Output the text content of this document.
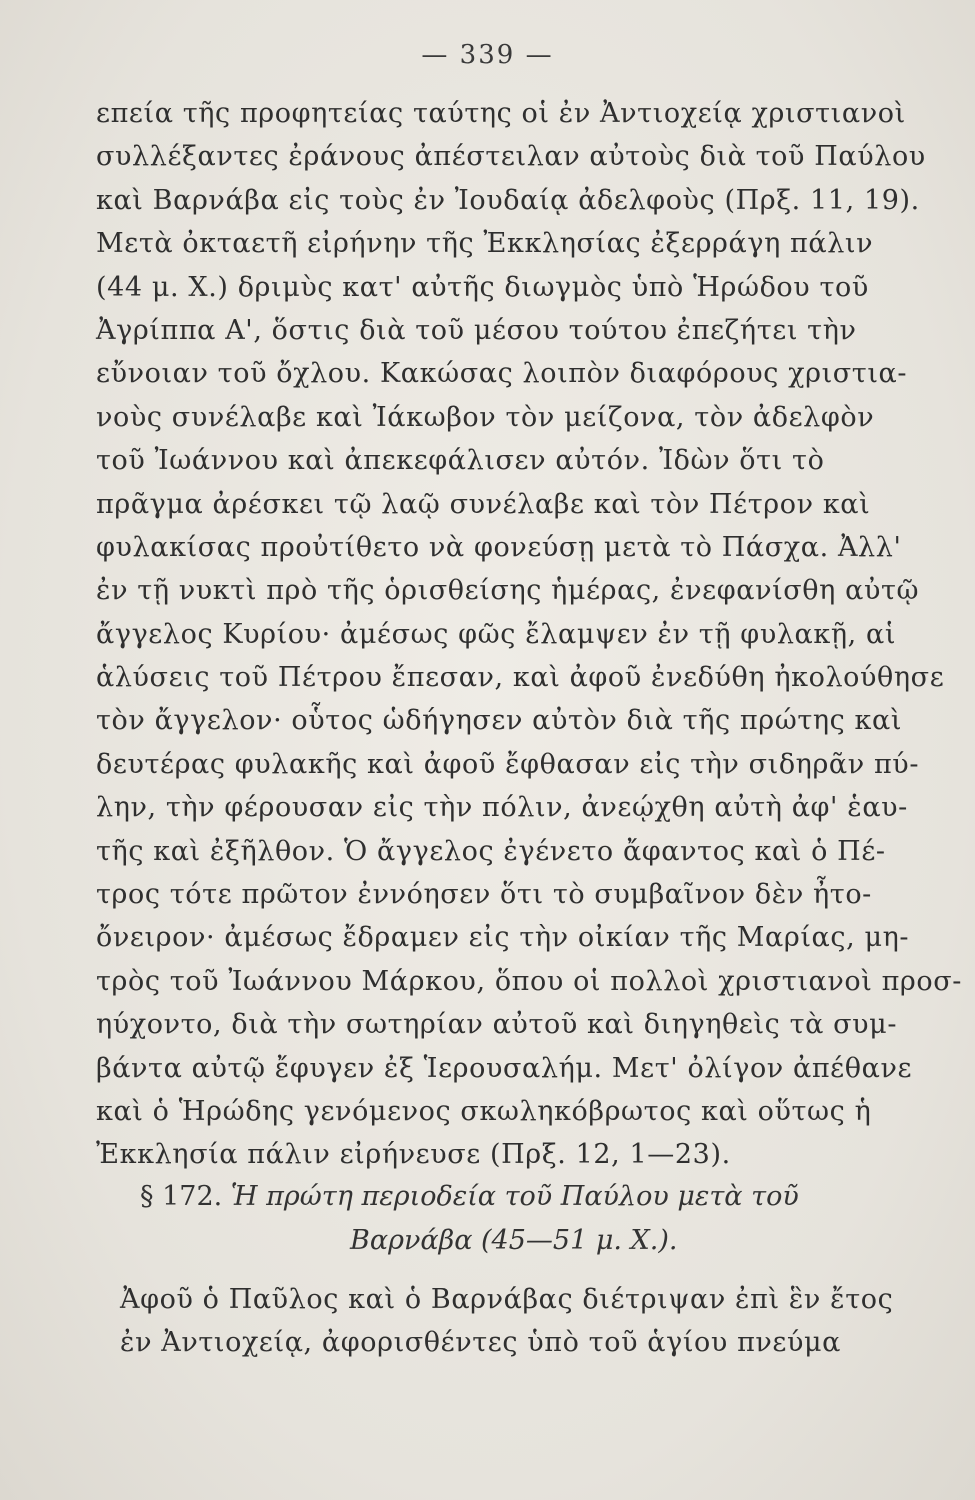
— 339 —
επεία τῆς προφητείας ταύτης οἱ ἐν Ἀντιοχείᾳ χριστιανοὶ
συλλέξαντες ἐράνους ἀπέστειλαν αὐτοὺς διὰ τοῦ Παύλου
καὶ Βαρνάβα εἰς τοὺς ἐν Ἰουδαίᾳ ἀδελφοὺς (Πρξ. 11, 19).
Μετὰ ὀκταετῆ εἰρήνην τῆς Ἐκκλησίας ἐξερράγη πάλιν
(44 μ. Χ.) δριμὺς κατ' αὐτῆς διωγμὸς ὑπὸ Ἡρώδου τοῦ
Ἀγρίππα Α', ὅστις διὰ τοῦ μέσου τούτου ἐπεζήτει τὴν
εὔνοιαν τοῦ ὄχλου. Κακώσας λοιπὸν διαφόρους χριστια-
νοὺς συνέλαβε καὶ Ἰάκωβον τὸν μείζονα, τὸν ἀδελφὸν
τοῦ Ἰωάννου καὶ ἀπεκεφάλισεν αὐτόν. Ἰδὼν ὅτι τὸ
πρᾶγμα ἀρέσκει τῷ λαῷ συνέλαβε καὶ τὸν Πέτρον καὶ
φυλακίσας προὐτίθετο νὰ φονεύσῃ μετὰ τὸ Πάσχα. Ἀλλ'
ἐν τῇ νυκτὶ πρὸ τῆς ὁρισθείσης ἡμέρας, ἐνεφανίσθη αὐτῷ
ἄγγελος Κυρίου· ἀμέσως φῶς ἔλαμψεν ἐν τῇ φυλακῇ, αἱ
ἁλύσεις τοῦ Πέτρου ἔπεσαν, καὶ ἀφοῦ ἐνεδύθη ἠκολούθησε
τὸν ἄγγελον· οὗτος ὡδήγησεν αὐτὸν διὰ τῆς πρώτης καὶ
δευτέρας φυλακῆς καὶ ἀφοῦ ἔφθασαν εἰς τὴν σιδηρᾶν πύ-
λην, τὴν φέρουσαν εἰς τὴν πόλιν, ἀνεῴχθη αὐτὴ ἀφ' ἑαυ-
τῆς καὶ ἐξῆλθον. Ὁ ἄγγελος ἐγένετο ἄφαντος καὶ ὁ Πέ-
τρος τότε πρῶτον ἐννόησεν ὅτι τὸ συμβαῖνον δὲν ἦτο-
ὄνειρον· ἀμέσως ἔδραμεν εἰς τὴν οἰκίαν τῆς Μαρίας, μη-
τρὸς τοῦ Ἰωάννου Μάρκου, ὅπου οἱ πολλοὶ χριστιανοὶ προσ-
ηύχοντο, διὰ τὴν σωτηρίαν αὐτοῦ καὶ διηγηθεὶς τὰ συμ-
βάντα αὐτῷ ἔφυγεν ἐξ Ἱερουσαλήμ. Μετ' ὀλίγον ἀπέθανε
καὶ ὁ Ἡρώδης γενόμενος σκωληκόβρωτος καὶ οὕτως ἡ
Ἐκκλησία πάλιν εἰρήνευσε (Πρξ. 12, 1—23).
§ 172. Ἡ πρώτη περιοδεία τοῦ Παύλου μετὰ τοῦ
Βαρνάβα (45—51 μ. Χ.).
Ἀφοῦ ὁ Παῦλος καὶ ὁ Βαρνάβας διέτριψαν ἐπὶ ἓν ἔτος
ἐν Ἀντιοχείᾳ, ἀφορισθέντες ὑπὸ τοῦ ἁγίου πνεύμα
